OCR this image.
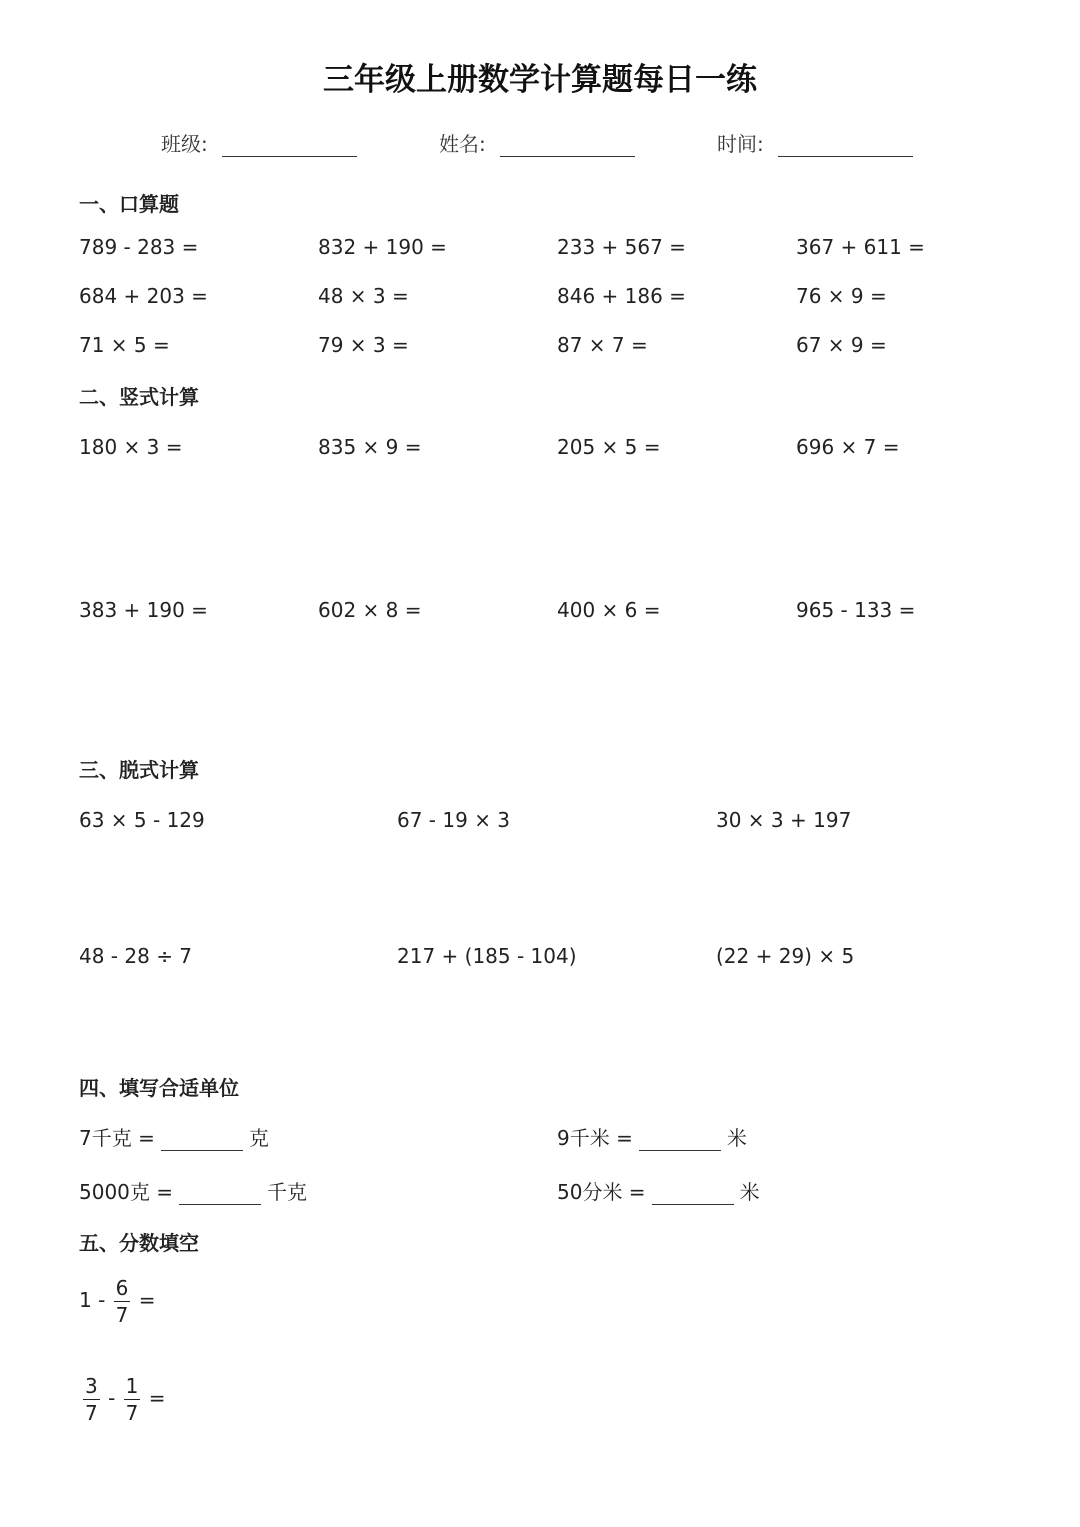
三年级上册数学计算题每日一练
班级:	姓名:	时间:
一、口算题
789 - 283 =	832 + 190 =	233 + 567 =	367 + 611 =
684 + 203 =	48 × 3 =	846 + 186 =	76 × 9 =
71 × 5 =	79 × 3 =	87 × 7 =	67 × 9 =
二、竖式计算
180 × 3 =	835 × 9 =	205 × 5 =	696 × 7 =
383 + 190 =	602 × 8 =	400 × 6 =	965 - 133 =
三、脱式计算
63 × 5 - 129	67 - 19 × 3	30 × 3 + 197
48 - 28 ÷ 7	217 + (185 - 104)	(22 + 29) × 5
四、填写合适单位
7千克 =	克	9千米 =	米
5000克 =	千克	50分米 =	米
五、分数填空
$1 - \frac{6}{7}$ =
$\frac{3}{7} - \frac{1}{7}$ =
